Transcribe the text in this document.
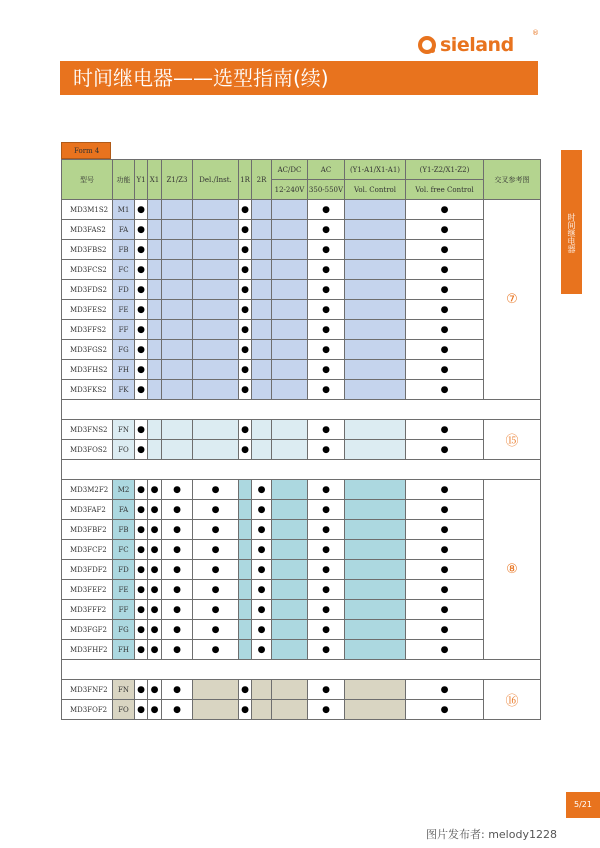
sieland
®
时间继电器——选型指南(续)
时间继电器
Form 4
型号	功能	Y1	X1	Z1/Z3	Del./Inst.	1R	2R	AC/DC	AC	(Y1-A1/X1-A1)	(Y1-Z2/X1-Z2)	交叉参考图
								12-240V	350-550V	Vol. Control	Vol. free Control	
MD3M1S2	M1	●				●			●		●	⑦
MD3FAS2	FA	●				●			●		●	
MD3FBS2	FB	●				●			●		●	
MD3FCS2	FC	●				●			●		●	
MD3FDS2	FD	●				●			●		●	
MD3FES2	FE	●				●			●		●	
MD3FFS2	FF	●				●			●		●	
MD3FGS2	FG	●				●			●		●	
MD3FHS2	FH	●				●			●		●	
MD3FKS2	FK	●				●			●		●	

MD3FNS2	FN	●				●			●		●	⑮
MD3FOS2	FO	●				●			●		●	

MD3M2F2	M2	●	●	●	●		●		●		●	⑧
MD3FAF2	FA	●	●	●	●		●		●		●	
MD3FBF2	FB	●	●	●	●		●		●		●	
MD3FCF2	FC	●	●	●	●		●		●		●	
MD3FDF2	FD	●	●	●	●		●		●		●	
MD3FEF2	FE	●	●	●	●		●		●		●	
MD3FFF2	FF	●	●	●	●		●		●		●	
MD3FGF2	FG	●	●	●	●		●		●		●	
MD3FHF2	FH	●	●	●	●		●		●		●	

MD3FNF2	FN	●	●	●		●			●		●	⑯
MD3FOF2	FO	●	●	●		●			●		●	
5/21
图片发布者: melody1228
